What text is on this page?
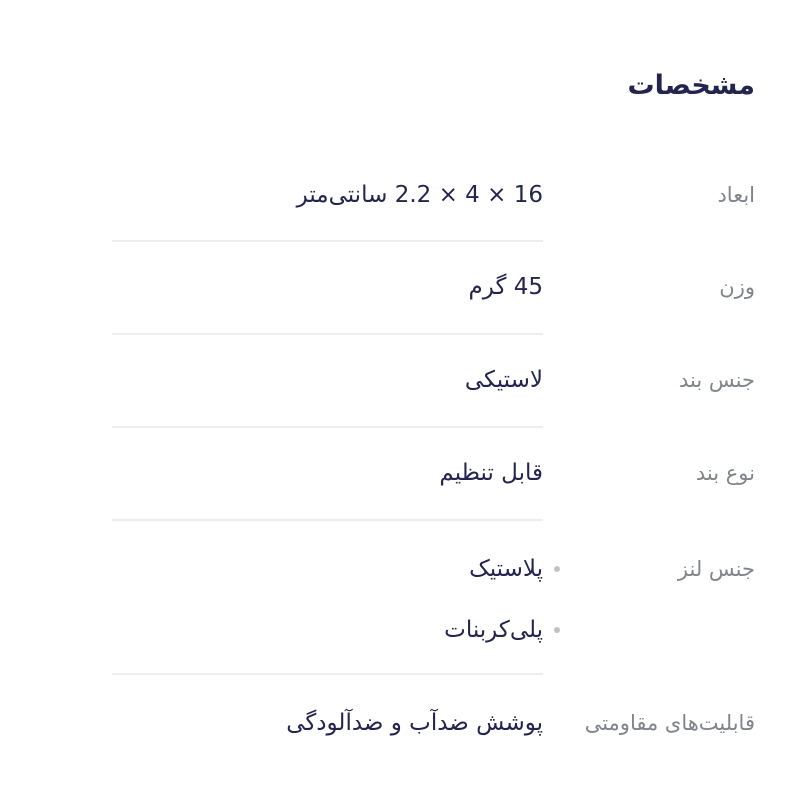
مشخصات
ابعاد
16 × 4 × 2.2 سانتی‌متر
وزن
45 گرم
جنس بند
لاستیکی
نوع بند
قابل تنظیم
جنس لنز
پلاستیک
پلی‌کربنات
قابلیت‌های مقاومتی
پوشش ضدآب و ضدآلودگی
